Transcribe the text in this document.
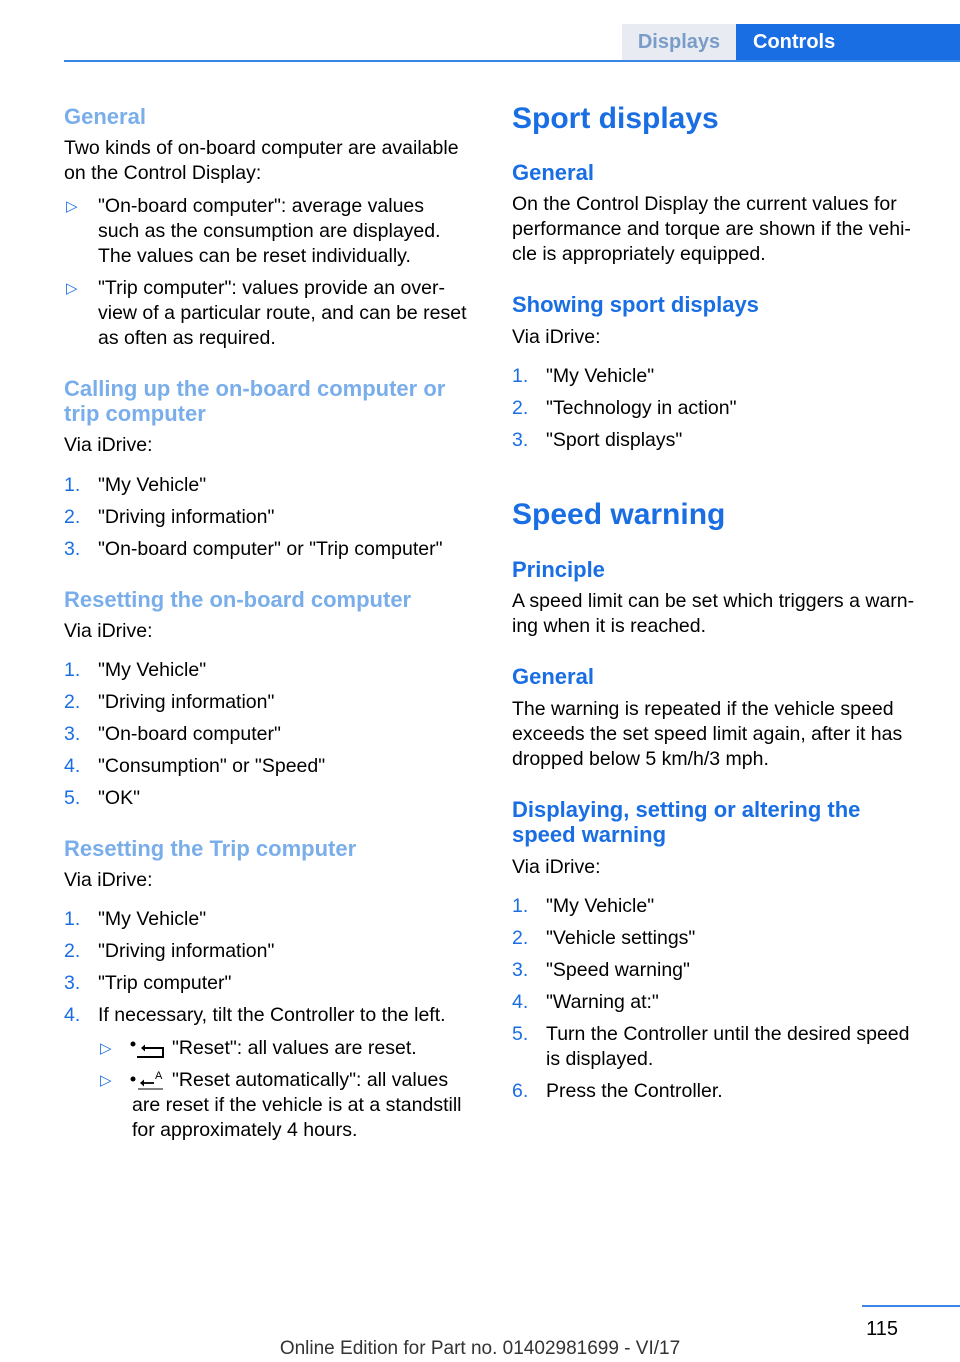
Displays	Controls
General
Two kinds of on-board computer are available
on the Control Display:
▷ "On-board computer": average values
such as the consumption are displayed.
The values can be reset individually.
▷ "Trip computer": values provide an over-
view of a particular route, and can be reset
as often as required.
Calling up the on-board computer or
trip computer
Via iDrive:
1. "My Vehicle"
2. "Driving information"
3. "On-board computer" or "Trip computer"
Resetting the on-board computer
Via iDrive:
1. "My Vehicle"
2. "Driving information"
3. "On-board computer"
4. "Consumption" or "Speed"
5. "OK"
Resetting the Trip computer
Via iDrive:
1. "My Vehicle"
2. "Driving information"
3. "Trip computer"
4. If necessary, tilt the Controller to the left.
▷	"Reset": all values are reset.
▷	A "Reset automatically": all values
are reset if the vehicle is at a standstill
for approximately 4 hours.
Sport displays
General
On the Control Display the current values for
performance and torque are shown if the vehi-
cle is appropriately equipped.
Showing sport displays
Via iDrive:
1. "My Vehicle"
2. "Technology in action"
3. "Sport displays"
Speed warning
Principle
A speed limit can be set which triggers a warn-
ing when it is reached.
General
The warning is repeated if the vehicle speed
exceeds the set speed limit again, after it has
dropped below 5 km/h/3 mph.
Displaying, setting or altering the
speed warning
Via iDrive:
1. "My Vehicle"
2. "Vehicle settings"
3. "Speed warning"
4. "Warning at:"
5. Turn the Controller until the desired speed
is displayed.
6. Press the Controller.
115
Online Edition for Part no. 01402981699 - VI/17
